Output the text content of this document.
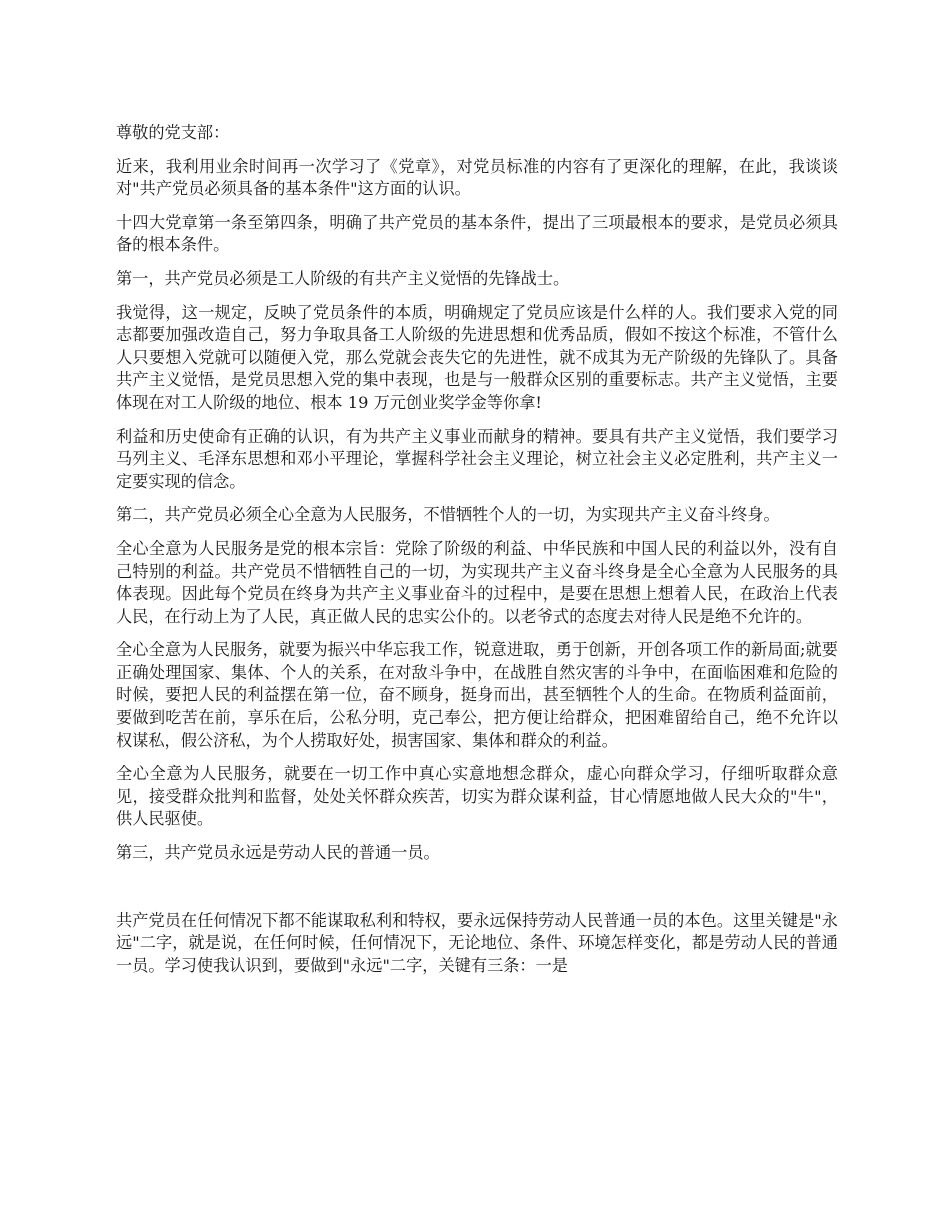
尊敬的党支部：

近来，我利用业余时间再一次学习了《党章》，对党员标准的内容有了更深化的理解，在此，我谈谈对"共产党员必须具备的基本条件"这方面的认识。

十四大党章第一条至第四条，明确了共产党员的基本条件，提出了三项最根本的要求，是党员必须具备的根本条件。

第一，共产党员必须是工人阶级的有共产主义觉悟的先锋战士。

我觉得，这一规定，反映了党员条件的本质，明确规定了党员应该是什么样的人。我们要求入党的同志都要加强改造自己，努力争取具备工人阶级的先进思想和优秀品质，假如不按这个标准，不管什么人只要想入党就可以随便入党，那么党就会丧失它的先进性，就不成其为无产阶级的先锋队了。具备共产主义觉悟，是党员思想入党的集中表现，也是与一般群众区别的重要标志。共产主义觉悟，主要体现在对工人阶级的地位、根本 19 万元创业奖学金等你拿!

利益和历史使命有正确的认识，有为共产主义事业而献身的精神。要具有共产主义觉悟，我们要学习马列主义、毛泽东思想和邓小平理论，掌握科学社会主义理论，树立社会主义必定胜利，共产主义一定要实现的信念。

第二，共产党员必须全心全意为人民服务，不惜牺牲个人的一切，为实现共产主义奋斗终身。

全心全意为人民服务是党的根本宗旨：党除了阶级的利益、中华民族和中国人民的利益以外，没有自己特别的利益。共产党员不惜牺牲自己的一切，为实现共产主义奋斗终身是全心全意为人民服务的具体表现。因此每个党员在终身为共产主义事业奋斗的过程中，是要在思想上想着人民，在政治上代表人民，在行动上为了人民，真正做人民的忠实公仆的。以老爷式的态度去对待人民是绝不允许的。

全心全意为人民服务，就要为振兴中华忘我工作，锐意进取，勇于创新，开创各项工作的新局面;就要正确处理国家、集体、个人的关系，在对敌斗争中，在战胜自然灾害的斗争中，在面临困难和危险的时候，要把人民的利益摆在第一位，奋不顾身，挺身而出，甚至牺牲个人的生命。在物质利益面前，要做到吃苦在前，享乐在后，公私分明，克己奉公，把方便让给群众，把困难留给自己，绝不允许以权谋私，假公济私，为个人捞取好处，损害国家、集体和群众的利益。

全心全意为人民服务，就要在一切工作中真心实意地想念群众，虚心向群众学习，仔细听取群众意见，接受群众批判和监督，处处关怀群众疾苦，切实为群众谋利益，甘心情愿地做人民大众的"牛"，供人民驱使。

第三，共产党员永远是劳动人民的普通一员。

共产党员在任何情况下都不能谋取私利和特权，要永远保持劳动人民普通一员的本色。这里关键是"永远"二字，就是说，在任何时候，任何情况下，无论地位、条件、环境怎样变化，都是劳动人民的普通一员。学习使我认识到，要做到"永远"二字，关键有三条：一是
